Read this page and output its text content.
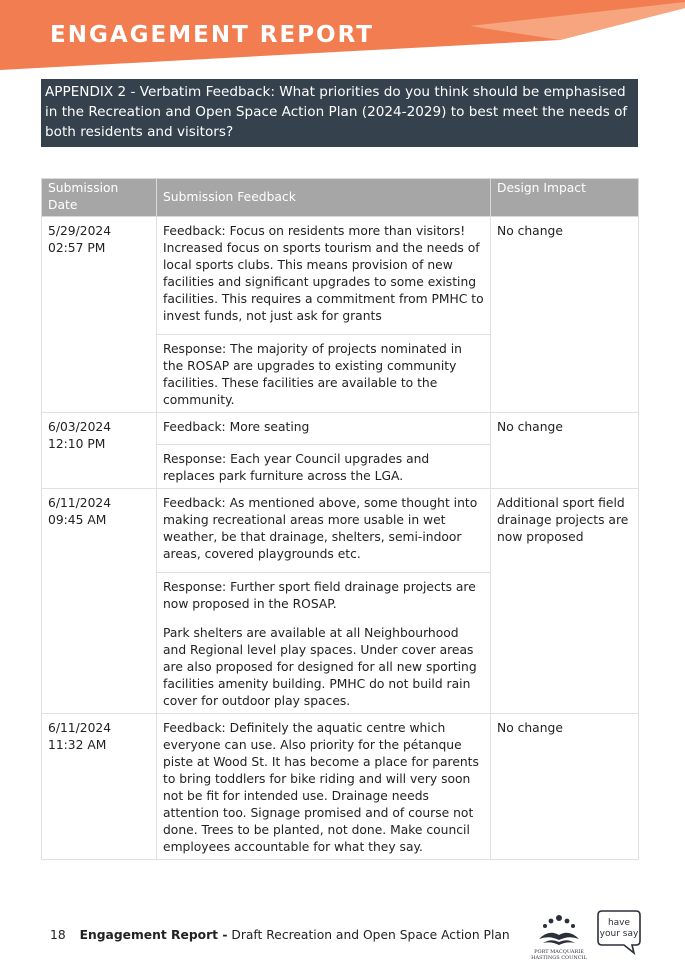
ENGAGEMENT REPORT
APPENDIX 2 - Verbatim Feedback: What priorities do you think should be emphasised in the Recreation and Open Space Action Plan (2024-2029) to best meet the needs of both residents and visitors?
Submission Date	Submission Feedback	Design Impact
5/29/2024 02:57 PM	Feedback: Focus on residents more than visitors! Increased focus on sports tourism and the needs of local sports clubs. This means provision of new facilities and significant upgrades to some existing facilities. This requires a commitment from PMHC to invest funds, not just ask for grants

Response: The majority of projects nominated in the ROSAP are upgrades to existing community facilities. These facilities are available to the community.	No change
6/03/2024 12:10 PM	Feedback: More seating

Response: Each year Council upgrades and replaces park furniture across the LGA.	No change
6/11/2024 09:45 AM	Feedback: As mentioned above, some thought into making recreational areas more usable in wet weather, be that drainage, shelters, semi-indoor areas, covered playgrounds etc.

Response: Further sport field drainage projects are now proposed in the ROSAP.

Park shelters are available at all Neighbourhood and Regional level play spaces. Under cover areas are also proposed for designed for all new sporting facilities amenity building. PMHC do not build rain cover for outdoor play spaces.	Additional sport field drainage projects are now proposed
6/11/2024 11:32 AM	Feedback: Definitely the aquatic centre which everyone can use. Also priority for the pétanque piste at Wood St. It has become a place for parents to bring toddlers for bike riding and will very soon not be fit for intended use. Drainage needs attention too. Signage promised and of course not done. Trees to be planted, not done. Make council employees accountable for what they say.	No change
18 Engagement Report - Draft Recreation and Open Space Action Plan
PORT MACQUARIE
HASTINGS COUNCIL
have
your say
